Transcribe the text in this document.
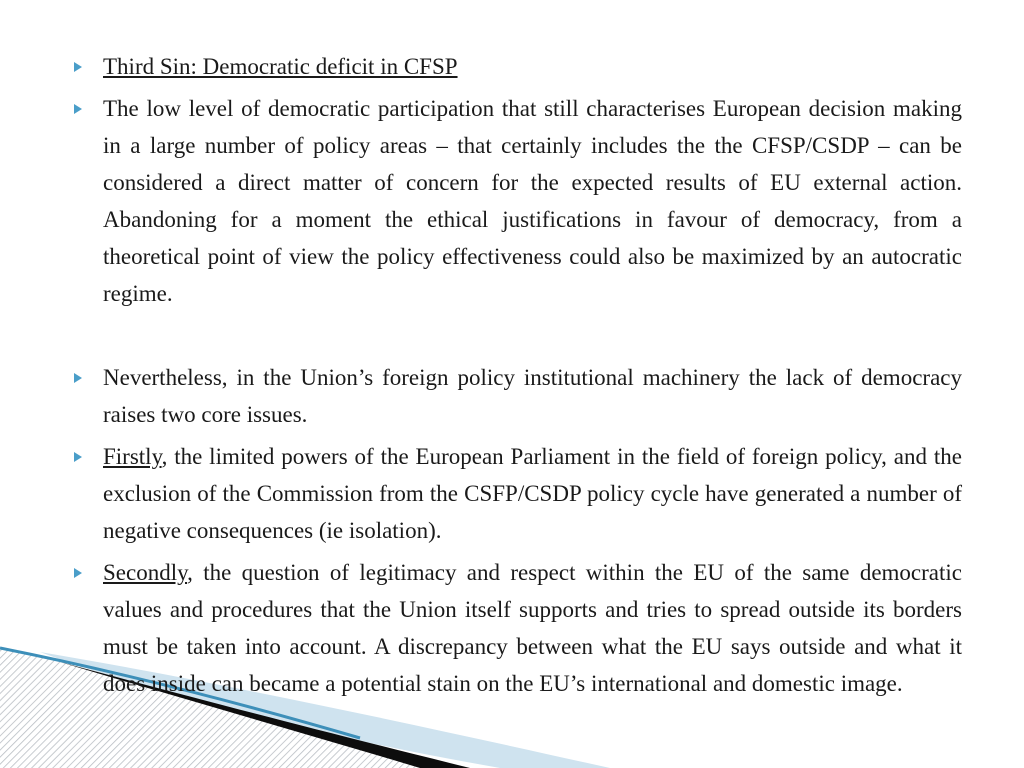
Third Sin: Democratic deficit in CFSP
The low level of democratic participation that still characterises European decision making in a large number of policy areas – that certainly includes the the CFSP/CSDP – can be considered a direct matter of concern for the expected results of EU external action. Abandoning for a moment the ethical justifications in favour of democracy, from a theoretical point of view the policy effectiveness could also be maximized by an autocratic regime.
Nevertheless, in the Union’s foreign policy institutional machinery the lack of democracy raises two core issues.
Firstly, the limited powers of the European Parliament in the field of foreign policy, and the exclusion of the Commission from the CSFP/CSDP policy cycle have generated a number of negative consequences (ie isolation).
Secondly, the question of legitimacy and respect within the EU of the same democratic values and procedures that the Union itself supports and tries to spread outside its borders must be taken into account. A discrepancy between what the EU says outside and what it does inside can became a potential stain on the EU’s international and domestic image.
